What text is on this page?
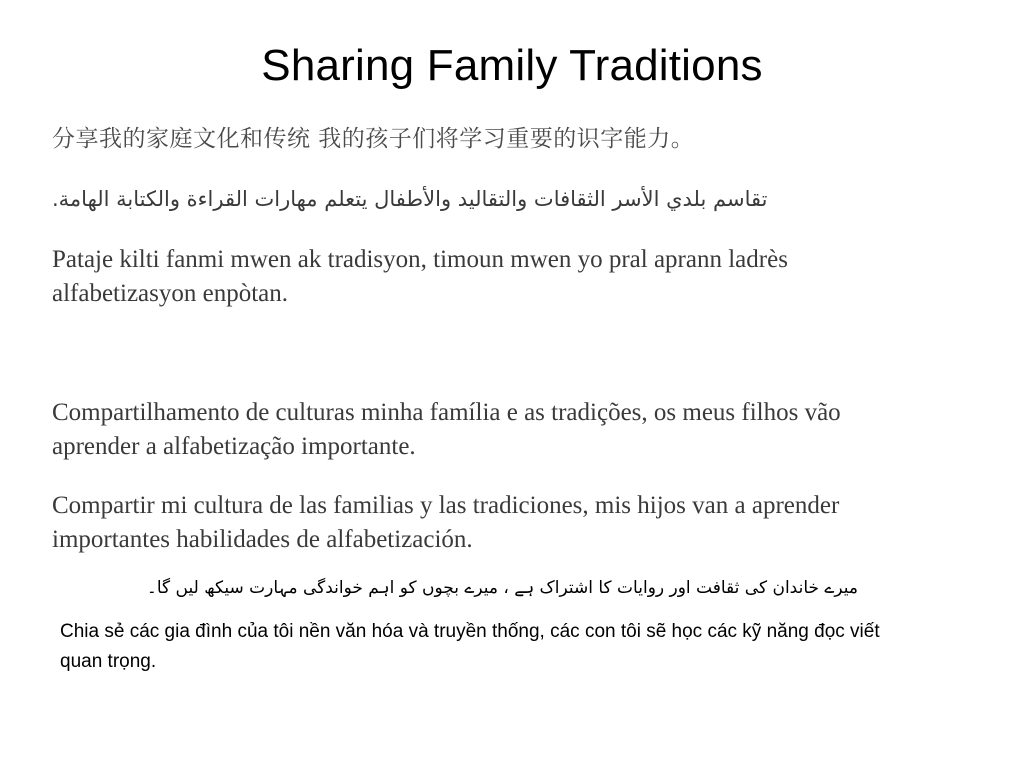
Sharing Family Traditions
分享我的家庭文化和传统 我的孩子们将学习重要的识字能力。
تقاسم بلدي الأسر الثقافات والتقاليد والأطفال يتعلم مهارات القراءة والكتابة الهامة.
Pataje kilti fanmi mwen ak tradisyon, timoun mwen yo pral aprann ladrès alfabetizasyon enpòtan.
Compartilhamento de culturas minha família e as tradições, os meus filhos vão aprender a alfabetização importante.
Compartir mi cultura de las familias y las tradiciones, mis hijos van a aprender importantes habilidades de alfabetización.
میرے خاندان کی ثقافت اور روایات کا اشتراک ہے ، میرے بچوں کو اہم خواندگی مہارت سیکھ لیں گا۔
Chia sẻ các gia đình của tôi nền văn hóa và truyền thống, các con tôi sẽ học các kỹ năng đọc viết quan trọng.
